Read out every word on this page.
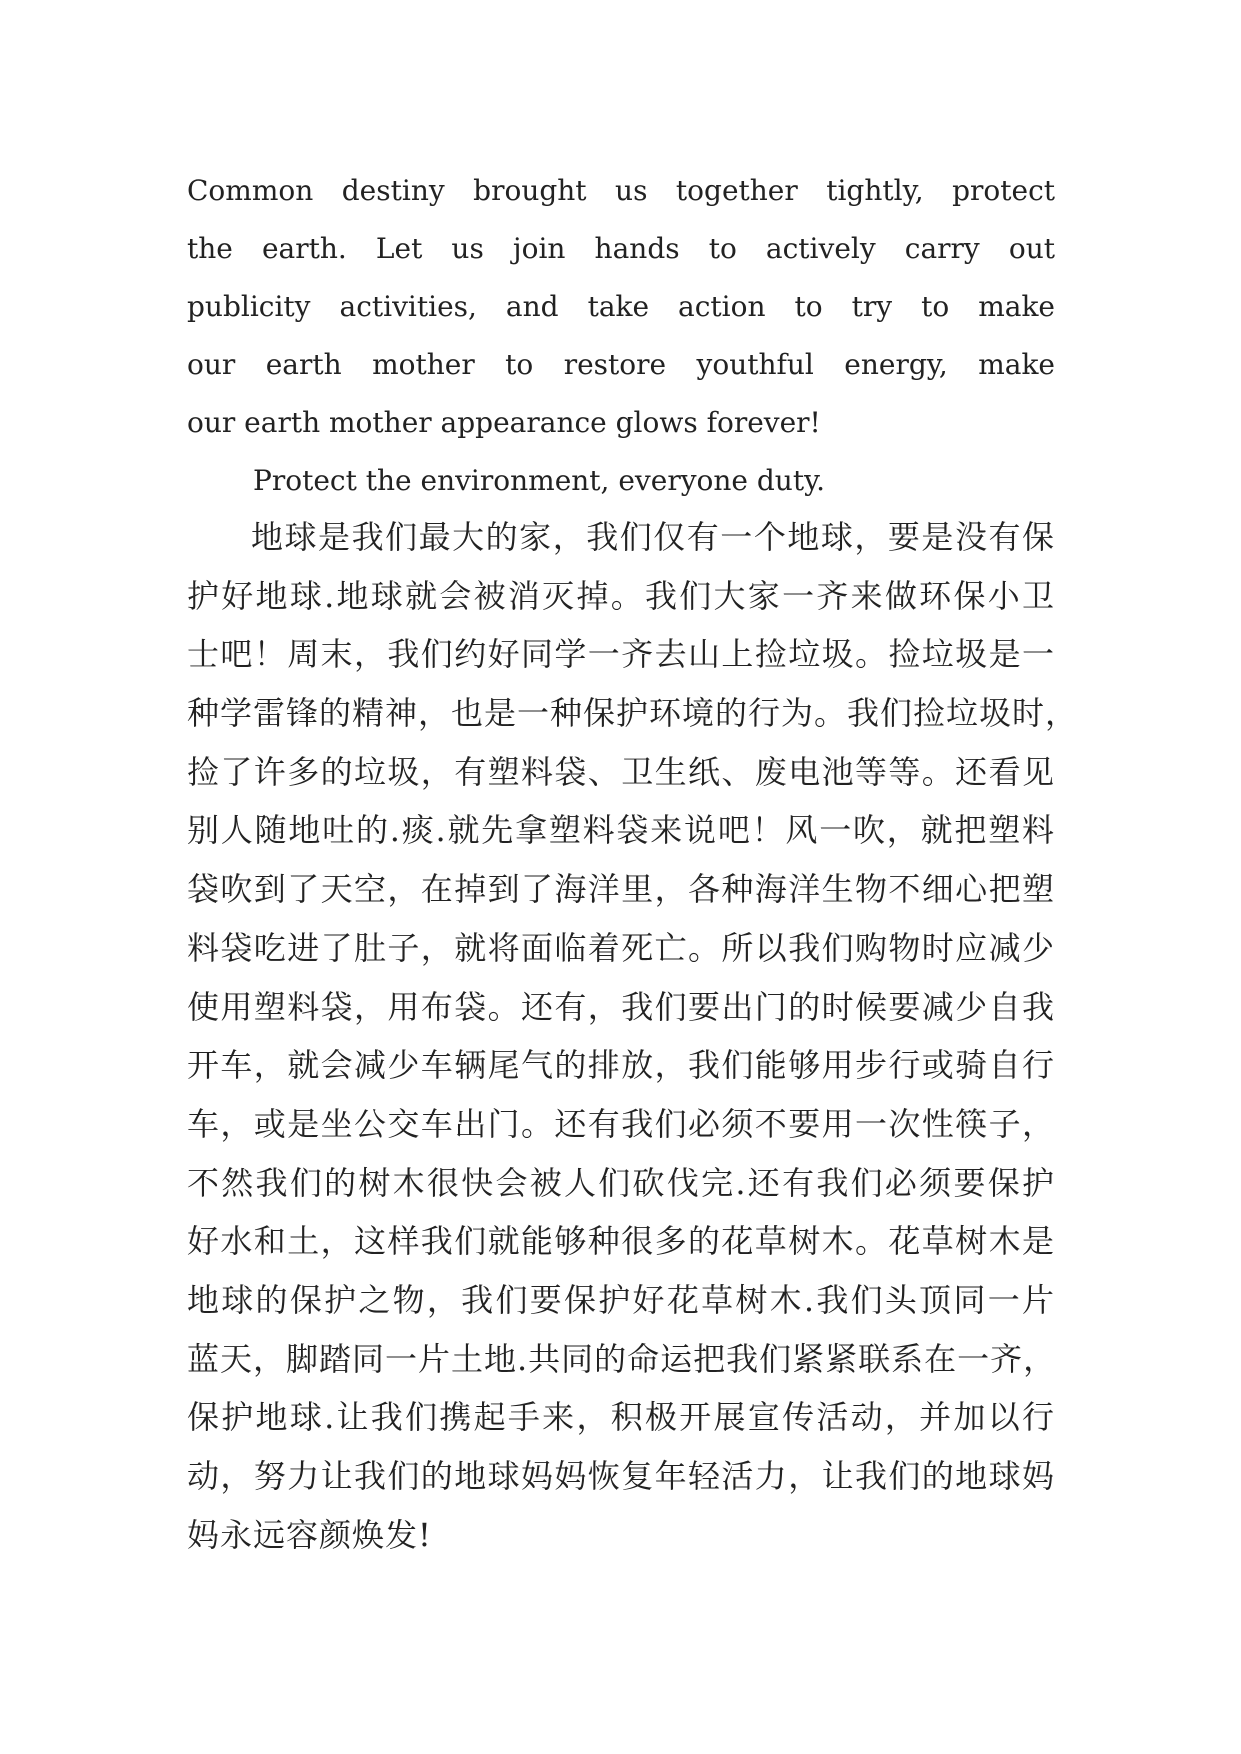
Common destiny brought us together tightly, protect
the earth. Let us join hands to actively carry out
publicity activities, and take action to try to make
our earth mother to restore youthful energy, make
our earth mother appearance glows forever!
Protect the environment, everyone duty.
地球是我们最大的家，我们仅有一个地球，要是没有保
护好地球.地球就会被消灭掉。我们大家一齐来做环保小卫
士吧！周末，我们约好同学一齐去山上捡垃圾。捡垃圾是一
种学雷锋的精神，也是一种保护环境的行为。我们捡垃圾时，
捡了许多的垃圾，有塑料袋、卫生纸、废电池等等。还看见
别人随地吐的.痰.就先拿塑料袋来说吧！风一吹，就把塑料
袋吹到了天空，在掉到了海洋里，各种海洋生物不细心把塑
料袋吃进了肚子，就将面临着死亡。所以我们购物时应减少
使用塑料袋，用布袋。还有，我们要出门的时候要减少自我
开车，就会减少车辆尾气的排放，我们能够用步行或骑自行
车，或是坐公交车出门。还有我们必须不要用一次性筷子，
不然我们的树木很快会被人们砍伐完.还有我们必须要保护
好水和土，这样我们就能够种很多的花草树木。花草树木是
地球的保护之物，我们要保护好花草树木.我们头顶同一片
蓝天，脚踏同一片土地.共同的命运把我们紧紧联系在一齐，
保护地球.让我们携起手来，积极开展宣传活动，并加以行
动，努力让我们的地球妈妈恢复年轻活力，让我们的地球妈
妈永远容颜焕发!
